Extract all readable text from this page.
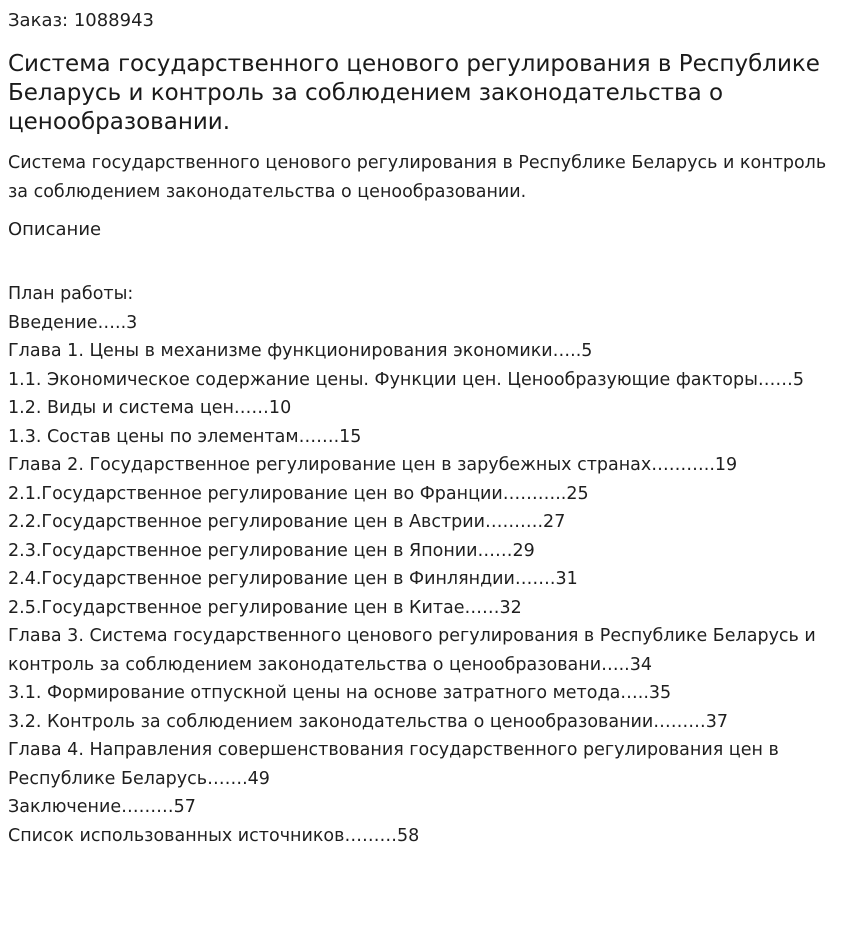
Заказ: 1088943
Система государственного ценового регулирования в Республике Беларусь и контроль за соблюдением законодательства о ценообразовании.
Система государственного ценового регулирования в Республике Беларусь и контроль за соблюдением законодательства о ценообразовании.
Описание
План работы:
Введение…..3
Глава 1. Цены в механизме функционирования экономики…..5
1.1. Экономическое содержание цены. Функции цен. Ценообразующие факторы……5
1.2. Виды и система цен……10
1.3. Состав цены по элементам…….15
Глава 2. Государственное регулирование цен в зарубежных странах………..19
2.1.Государственное регулирование цен во Франции………..25
2.2.Государственное регулирование цен в Австрии……….27
2.3.Государственное регулирование цен в Японии……29
2.4.Государственное регулирование цен в Финляндии…….31
2.5.Государственное регулирование цен в Китае……32
Глава 3. Система государственного ценового регулирования в Республике Беларусь и контроль за соблюдением законодательства о ценообразовани…..34
3.1. Формирование отпускной цены на основе затратного метода…..35
3.2. Контроль за соблюдением законодательства о ценообразовании………37
Глава 4. Направления совершенствования государственного регулирования цен в Республике Беларусь…….49
Заключение………57
Список использованных источников………58
